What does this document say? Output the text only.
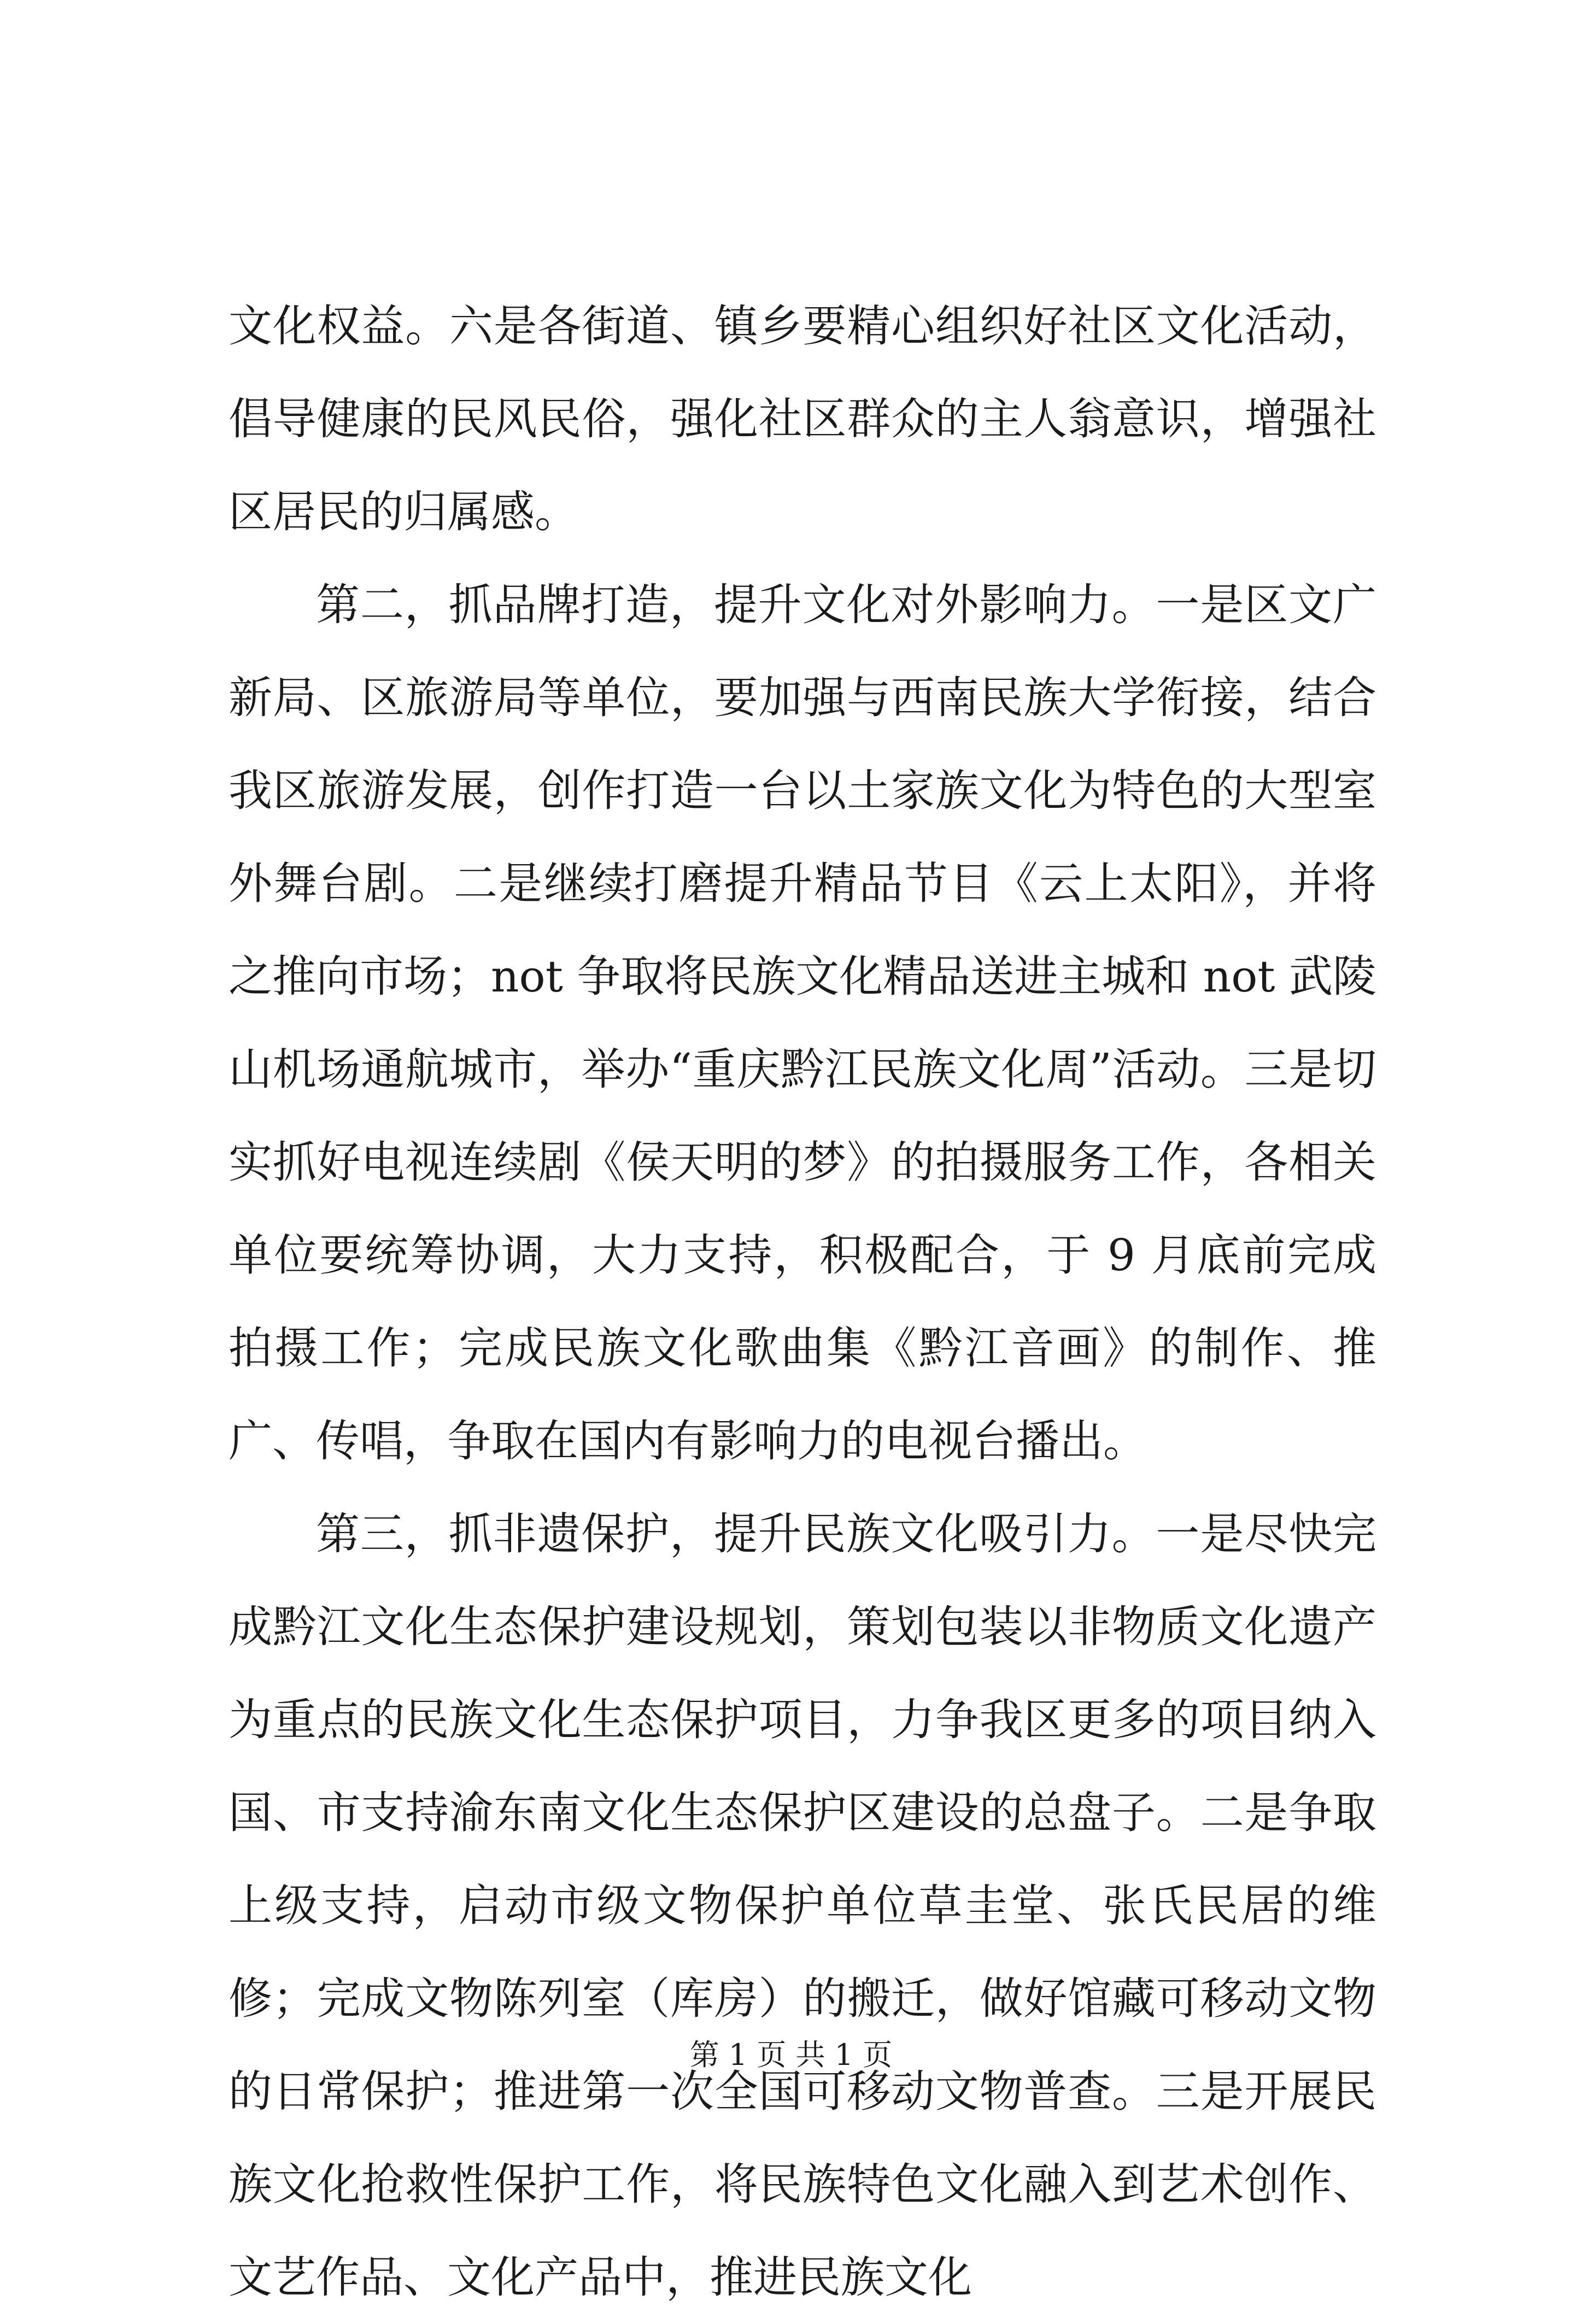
文化权益。六是各街道、镇乡要精心组织好社区文化活动，倡导健康的民风民俗，强化社区群众的主人翁意识，增强社区居民的归属感。

第二，抓品牌打造，提升文化对外影响力。一是区文广新局、区旅游局等单位，要加强与西南民族大学衔接，结合我区旅游发展，创作打造一台以土家族文化为特色的大型室外舞台剧。二是继续打磨提升精品节目《云上太阳》，并将之推向市场；not 争取将民族文化精品送进主城和 not 武陵山机场通航城市，举办“重庆黔江民族文化周”活动。三是切实抓好电视连续剧《侯天明的梦》的拍摄服务工作，各相关单位要统筹协调，大力支持，积极配合，于 9 月底前完成拍摄工作；完成民族文化歌曲集《黔江音画》的制作、推广、传唱，争取在国内有影响力的电视台播出。

第三，抓非遗保护，提升民族文化吸引力。一是尽快完成黔江文化生态保护建设规划，策划包装以非物质文化遗产为重点的民族文化生态保护项目，力争我区更多的项目纳入国、市支持渝东南文化生态保护区建设的总盘子。二是争取上级支持，启动市级文物保护单位草圭堂、张氏民居的维修；完成文物陈列室（库房）的搬迁，做好馆藏可移动文物的日常保护；推进第一次全国可移动文物普查。三是开展民族文化抢救性保护工作，将民族特色文化融入到艺术创作、文艺作品、文化产品中，推进民族文化

第 1 页 共 1 页
